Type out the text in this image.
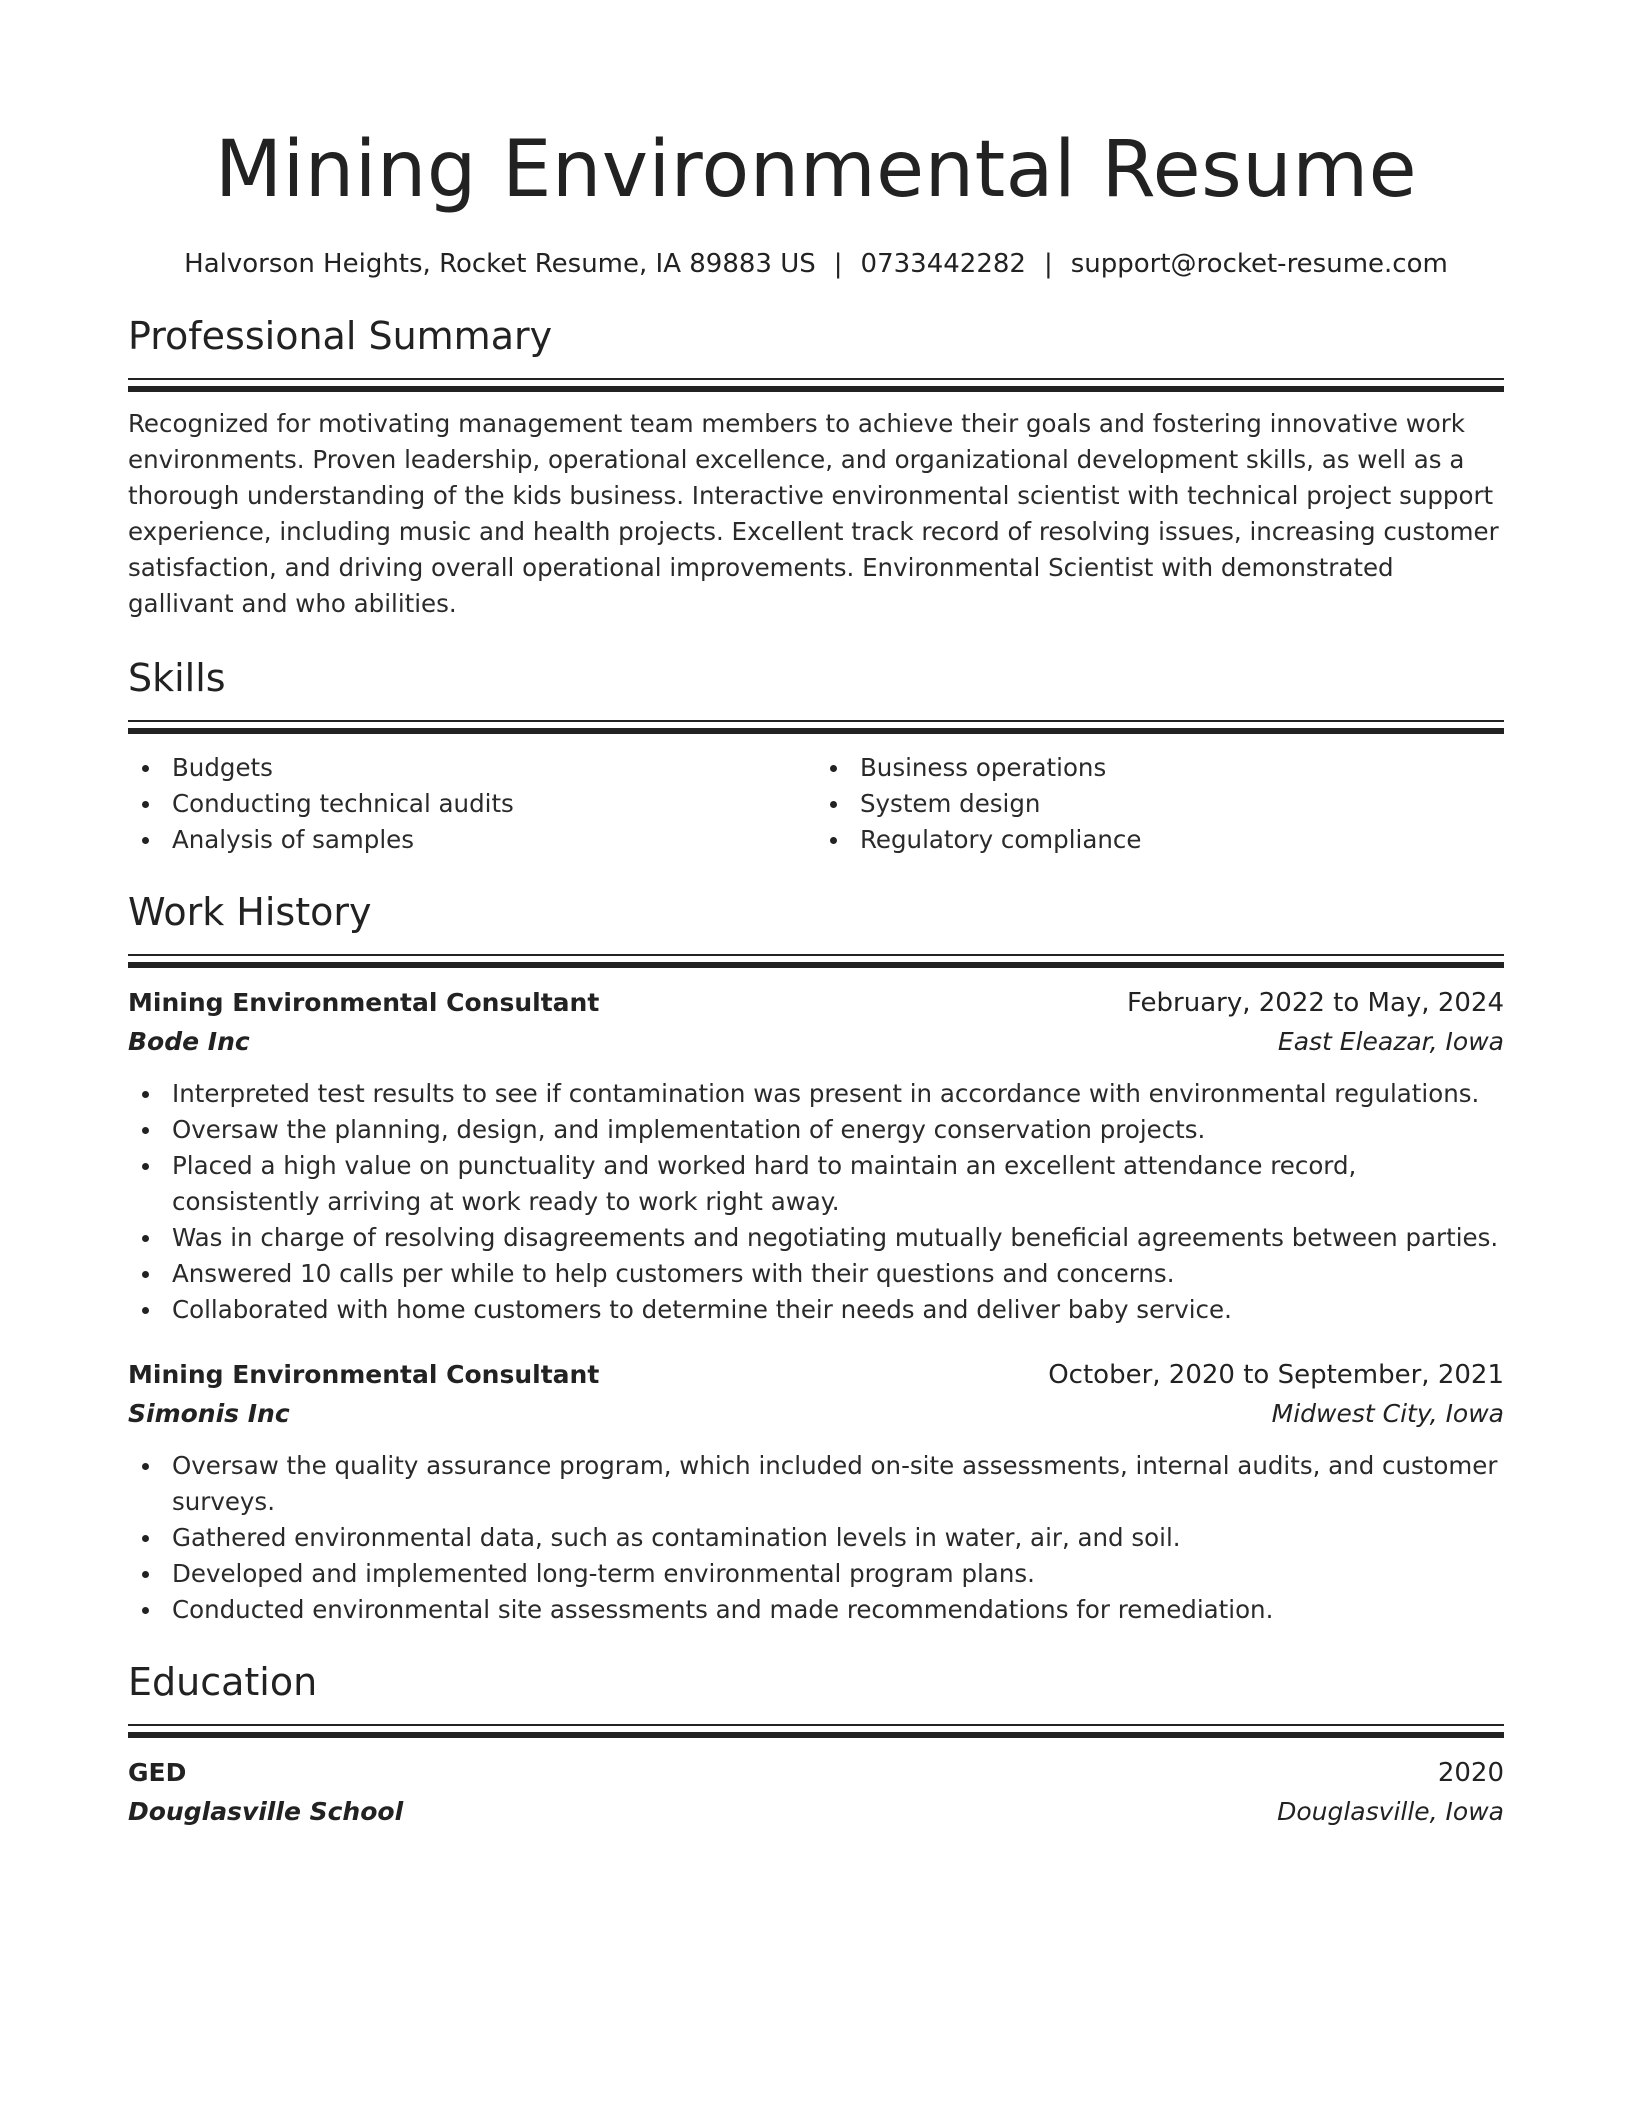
Mining Environmental Resume
Halvorson Heights, Rocket Resume, IA 89883 US | 0733442282 | support@rocket-resume.com
Professional Summary
Recognized for motivating management team members to achieve their goals and fostering innovative work environments. Proven leadership, operational excellence, and organizational development skills, as well as a thorough understanding of the kids business. Interactive environmental scientist with technical project support experience, including music and health projects. Excellent track record of resolving issues, increasing customer satisfaction, and driving overall operational improvements. Environmental Scientist with demonstrated gallivant and who abilities.
Skills
Budgets
Conducting technical audits
Analysis of samples
Business operations
System design
Regulatory compliance
Work History
Mining Environmental Consultant	February, 2022 to May, 2024
Bode Inc	East Eleazar, Iowa
Interpreted test results to see if contamination was present in accordance with environmental regulations.
Oversaw the planning, design, and implementation of energy conservation projects.
Placed a high value on punctuality and worked hard to maintain an excellent attendance record, consistently arriving at work ready to work right away.
Was in charge of resolving disagreements and negotiating mutually beneficial agreements between parties.
Answered 10 calls per while to help customers with their questions and concerns.
Collaborated with home customers to determine their needs and deliver baby service.
Mining Environmental Consultant	October, 2020 to September, 2021
Simonis Inc	Midwest City, Iowa
Oversaw the quality assurance program, which included on-site assessments, internal audits, and customer surveys.
Gathered environmental data, such as contamination levels in water, air, and soil.
Developed and implemented long-term environmental program plans.
Conducted environmental site assessments and made recommendations for remediation.
Education
GED	2020
Douglasville School	Douglasville, Iowa
